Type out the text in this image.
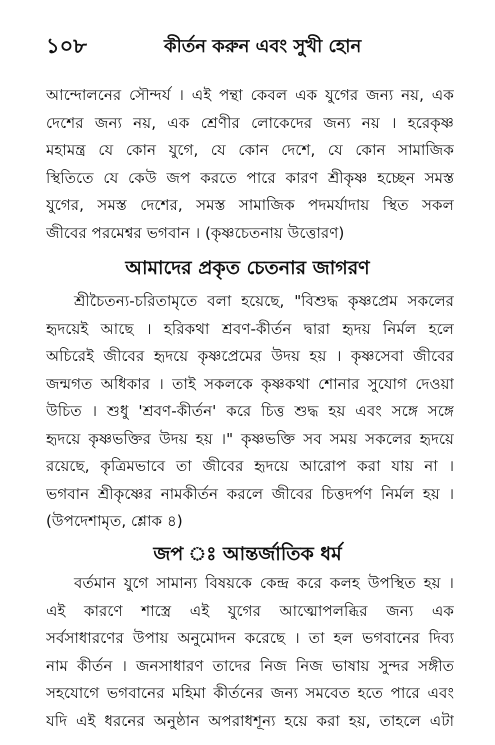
১০৮	কীর্তন করুন এবং সুখী হোন
আন্দোলনের সৌন্দর্য । এই পন্থা কেবল এক যুগের জন্য নয়, এক
দেশের জন্য নয়, এক শ্রেণীর লোকেদের জন্য নয় । হরেকৃষ্ণ
মহামন্ত্র যে কোন যুগে, যে কোন দেশে, যে কোন সামাজিক
স্থিতিতে যে কেউ জপ করতে পারে কারণ শ্রীকৃষ্ণ হচ্ছেন সমস্ত
যুগের, সমস্ত দেশের, সমস্ত সামাজিক পদমর্যাদায় স্থিত সকল
জীবের পরমেশ্বর ভগবান । (কৃষ্ণচেতনায় উত্তোরণ)
আমাদের প্রকৃত চেতনার জাগরণ
শ্রীচৈতন্য-চরিতামৃতে বলা হয়েছে, "বিশুদ্ধ কৃষ্ণপ্রেম সকলের
হৃদয়েই আছে । হরিকথা শ্রবণ-কীর্তন দ্বারা হৃদয় নির্মল হলে
অচিরেই জীবের হৃদয়ে কৃষ্ণপ্রেমের উদয় হয় । কৃষ্ণসেবা জীবের
জন্মগত অধিকার । তাই সকলকে কৃষ্ণকথা শোনার সুযোগ দেওয়া
উচিত । শুধু 'শ্রবণ-কীর্তন' করে চিত্ত শুদ্ধ হয় এবং সঙ্গে সঙ্গে
হৃদয়ে কৃষ্ণভক্তির উদয় হয় ।" কৃষ্ণভক্তি সব সময় সকলের হৃদয়ে
রয়েছে, কৃত্রিমভাবে তা জীবের হৃদয়ে আরোপ করা যায় না ।
ভগবান শ্রীকৃষ্ণের নামকীর্তন করলে জীবের চিত্তদর্পণ নির্মল হয় ।
(উপদেশামৃত, শ্লোক ৪)
জপ ঃ আন্তর্জাতিক ধর্ম
বর্তমান যুগে সামান্য বিষয়কে কেন্দ্র করে কলহ উপস্থিত হয় ।
এই কারণে শাস্ত্রে এই যুগের আত্মোপলব্ধির জন্য এক
সর্বসাধারণের উপায় অনুমোদন করেছে । তা হল ভগবানের দিব্য
নাম কীর্তন । জনসাধারণ তাদের নিজ নিজ ভাষায় সুন্দর সঙ্গীত
সহযোগে ভগবানের মহিমা কীর্তনের জন্য সমবেত হতে পারে এবং
যদি এই ধরনের অনুষ্ঠান অপরাধশূন্য হয়ে করা হয়, তাহলে এটা
